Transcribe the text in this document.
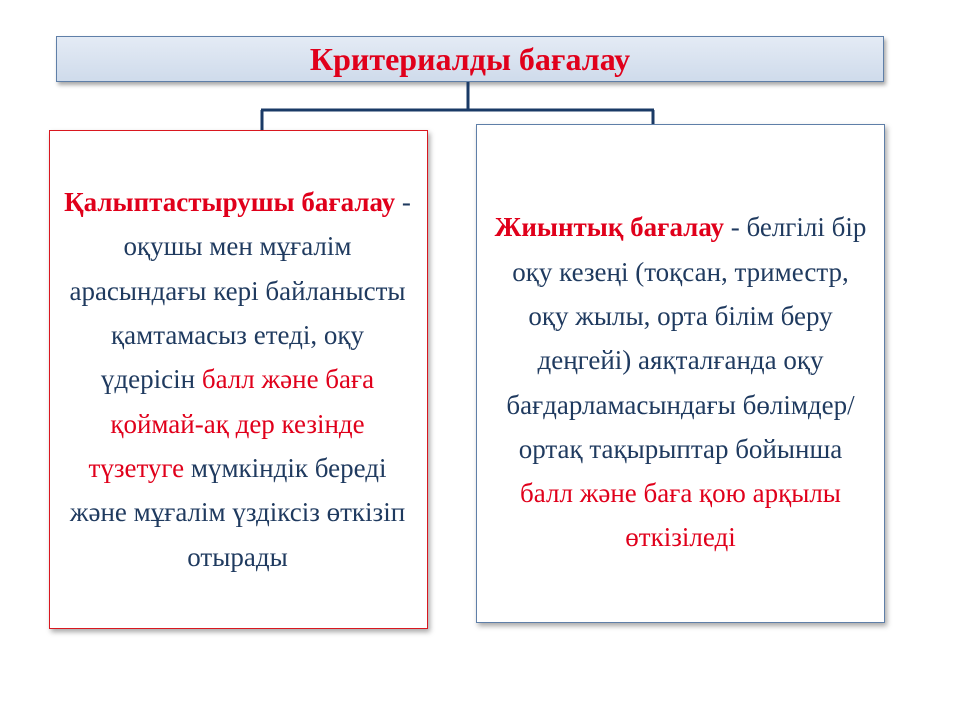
Критериалды бағалау

Қалыптастырушы бағалау - оқушы мен мұғалім арасындағы кері байланысты қамтамасыз етеді, оқу үдерісін балл және баға қоймай-ақ дер кезінде түзетуге мүмкіндік береді және мұғалім үздіксіз өткізіп отырады

Жиынтық бағалау - белгілі бір оқу кезеңі (тоқсан, триместр, оқу жылы, орта білім беру деңгейі) аяқталғанда оқу бағдарламасындағы бөлімдер/ортақ тақырыптар бойынша балл және баға қою арқылы өткізіледі
